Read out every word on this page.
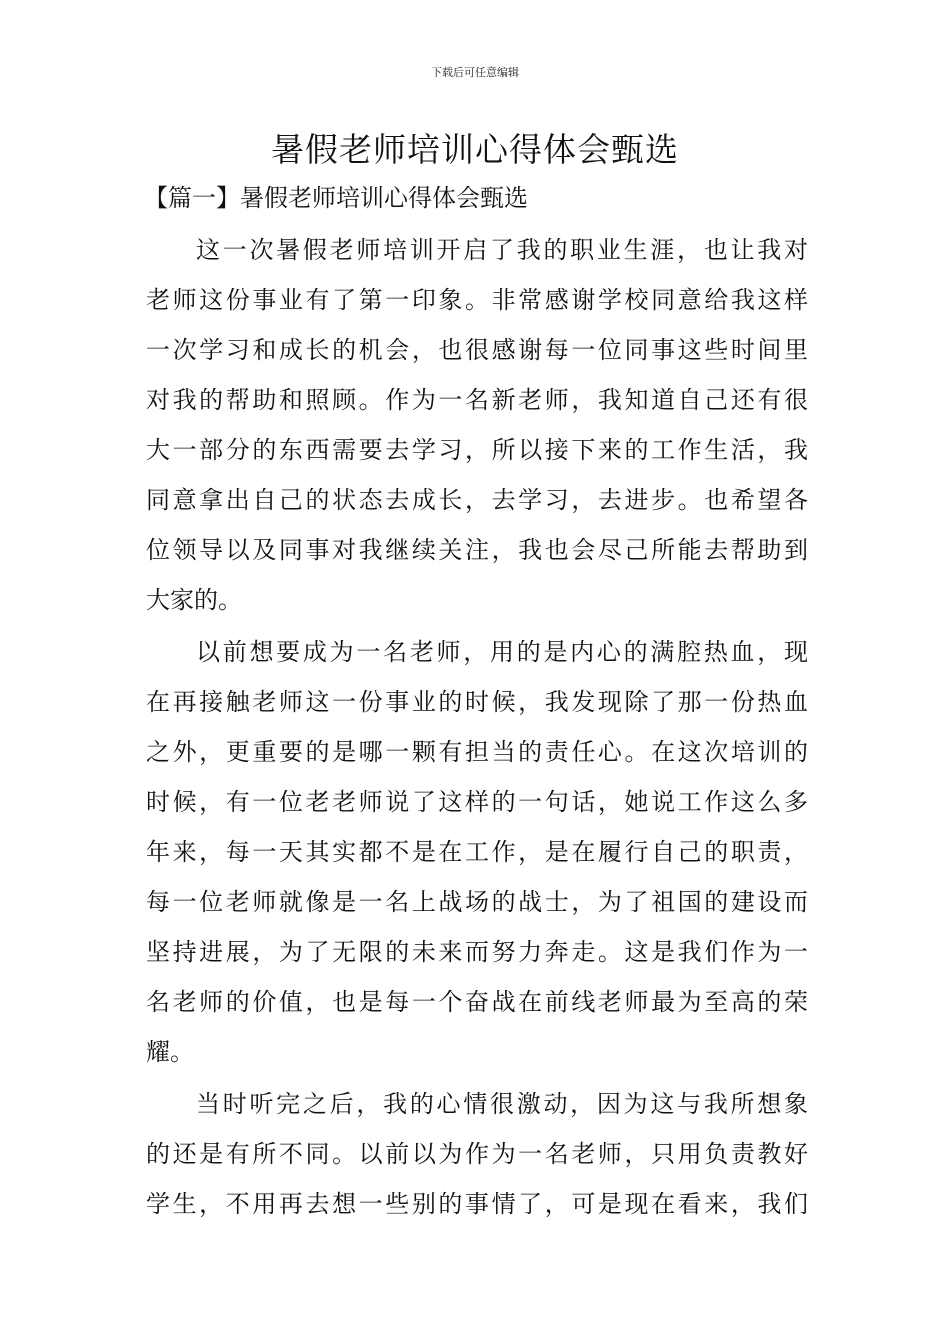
下载后可任意编辑
暑假老师培训心得体会甄选
【篇一】暑假老师培训心得体会甄选
这一次暑假老师培训开启了我的职业生涯，也让我对
老师这份事业有了第一印象。非常感谢学校同意给我这样
一次学习和成长的机会，也很感谢每一位同事这些时间里
对我的帮助和照顾。作为一名新老师，我知道自己还有很
大一部分的东西需要去学习，所以接下来的工作生活，我
同意拿出自己的状态去成长，去学习，去进步。也希望各
位领导以及同事对我继续关注，我也会尽己所能去帮助到
大家的。
以前想要成为一名老师，用的是内心的满腔热血，现
在再接触老师这一份事业的时候，我发现除了那一份热血
之外，更重要的是哪一颗有担当的责任心。在这次培训的
时候，有一位老老师说了这样的一句话，她说工作这么多
年来，每一天其实都不是在工作，是在履行自己的职责，
每一位老师就像是一名上战场的战士，为了祖国的建设而
坚持进展，为了无限的未来而努力奔走。这是我们作为一
名老师的价值，也是每一个奋战在前线老师最为至高的荣
耀。
当时听完之后，我的心情很激动，因为这与我所想象
的还是有所不同。以前以为作为一名老师，只用负责教好
学生，不用再去想一些别的事情了，可是现在看来，我们
